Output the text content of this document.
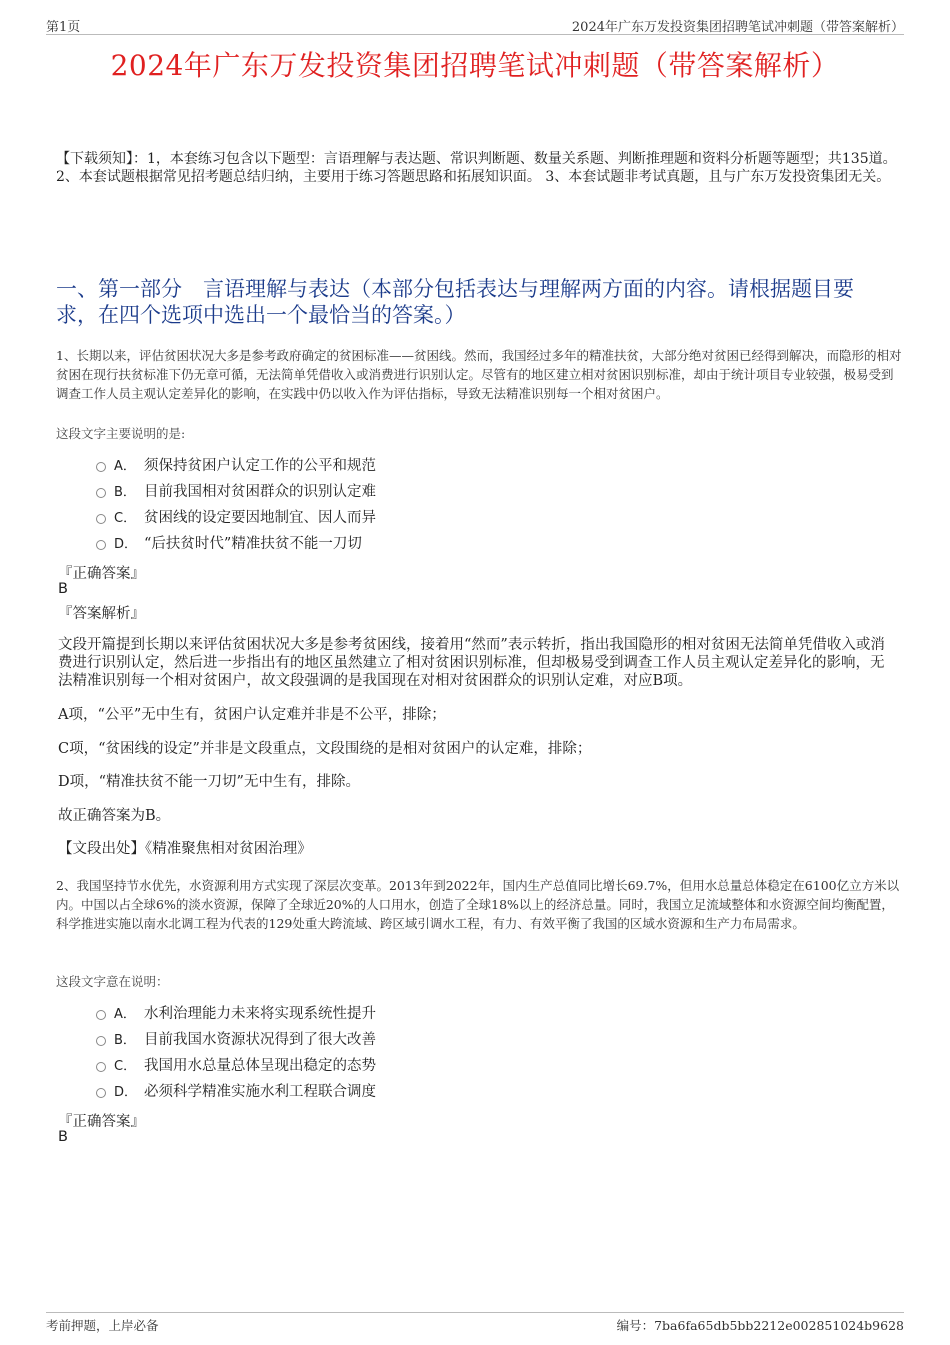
第1页	2024年广东万发投资集团招聘笔试冲刺题（带答案解析）
2024年广东万发投资集团招聘笔试冲刺题（带答案解析）
【下载须知】：1，本套练习包含以下题型：言语理解与表达题、常识判断题、数量关系题、判断推理题和资料分析题等题型；共135道。 2、本套试题根据常见招考题总结归纳，主要用于练习答题思路和拓展知识面。 3、本套试题非考试真题，且与广东万发投资集团无关。
一、第一部分　言语理解与表达（本部分包括表达与理解两方面的内容。请根据题目要求，在四个选项中选出一个最恰当的答案。）
1、长期以来，评估贫困状况大多是参考政府确定的贫困标准——贫困线。然而，我国经过多年的精准扶贫，大部分绝对贫困已经得到解决，而隐形的相对贫困在现行扶贫标准下仍无章可循，无法简单凭借收入或消费进行识别认定。尽管有的地区建立相对贫困识别标准，却由于统计项目专业较强，极易受到调查工作人员主观认定差异化的影响，在实践中仍以收入作为评估指标，导致无法精准识别每一个相对贫困户。
这段文字主要说明的是:
A． 须保持贫困户认定工作的公平和规范
B． 目前我国相对贫困群众的识别认定难
C． 贫困线的设定要因地制宜、因人而异
D． “后扶贫时代”精准扶贫不能一刀切
『正确答案』
B
『答案解析』
文段开篇提到长期以来评估贫困状况大多是参考贫困线，接着用“然而”表示转折，指出我国隐形的相对贫困无法简单凭借收入或消费进行识别认定，然后进一步指出有的地区虽然建立了相对贫困识别标准，但却极易受到调查工作人员主观认定差异化的影响，无法精准识别每一个相对贫困户，故文段强调的是我国现在对相对贫困群众的识别认定难，对应B项。
A项，“公平”无中生有，贫困户认定难并非是不公平，排除；
C项，“贫困线的设定”并非是文段重点，文段围绕的是相对贫困户的认定难，排除；
D项，“精准扶贫不能一刀切”无中生有，排除。
故正确答案为B。
【文段出处】《精准聚焦相对贫困治理》
2、我国坚持节水优先，水资源利用方式实现了深层次变革。2013年到2022年，国内生产总值同比增长69.7%，但用水总量总体稳定在6100亿立方米以内。中国以占全球6%的淡水资源，保障了全球近20%的人口用水，创造了全球18%以上的经济总量。同时，我国立足流域整体和水资源空间均衡配置，科学推进实施以南水北调工程为代表的129处重大跨流域、跨区域引调水工程，有力、有效平衡了我国的区域水资源和生产力布局需求。
这段文字意在说明：
A． 水利治理能力未来将实现系统性提升
B． 目前我国水资源状况得到了很大改善
C． 我国用水总量总体呈现出稳定的态势
D． 必须科学精准实施水利工程联合调度
『正确答案』
B
考前押题，上岸必备	编号：7ba6fa65db5bb2212e002851024b9628
